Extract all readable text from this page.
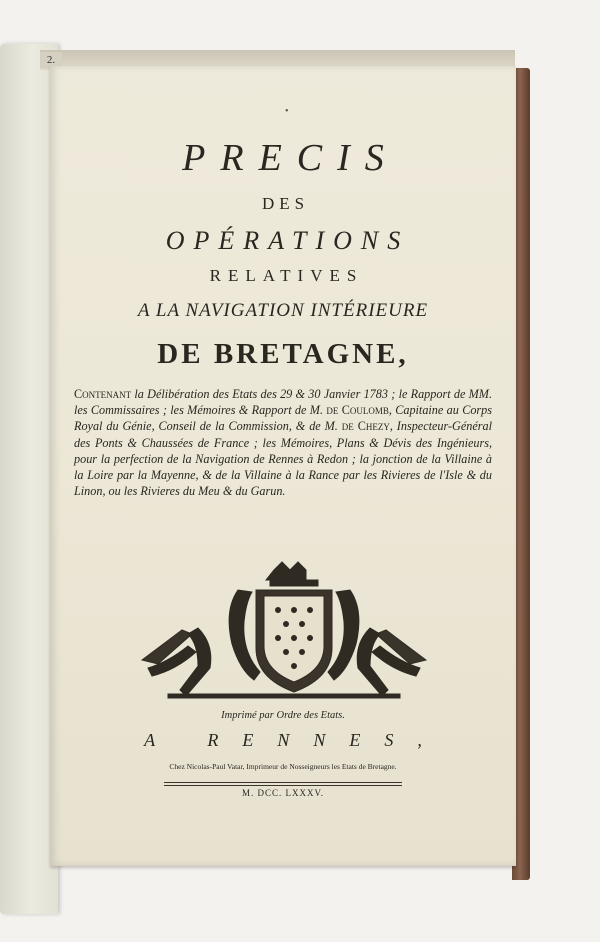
2.
•
PRECIS

DES

OPÉRATIONS

RELATIVES

A LA NAVIGATION INTÉRIEURE

DE BRETAGNE,

Contenant la Délibération des Etats des 29 & 30 Janvier 1783 ; le Rapport de MM. les Commissaires ; les Mémoires & Rapport de M. de Coulomb, Capitaine au Corps Royal du Génie, Conseil de la Commission, & de M. de Chezy, Inspecteur-Général des Ponts & Chaussées de France ; les Mémoires, Plans & Dévis des Ingénieurs, pour la perfection de la Navigation de Rennes à Redon ; la jonction de la Villaine à la Loire par la Mayenne, & de la Villaine à la Rance par les Rivieres de l'Isle & du Linon, ou les Rivieres du Meu & du Garun.

Imprimé par Ordre des Etats.

A RENNES,

Chez Nicolas-Paul Vatar, Imprimeur de Nosseigneurs les Etats de Bretagne.

M. DCC. LXXXV.
